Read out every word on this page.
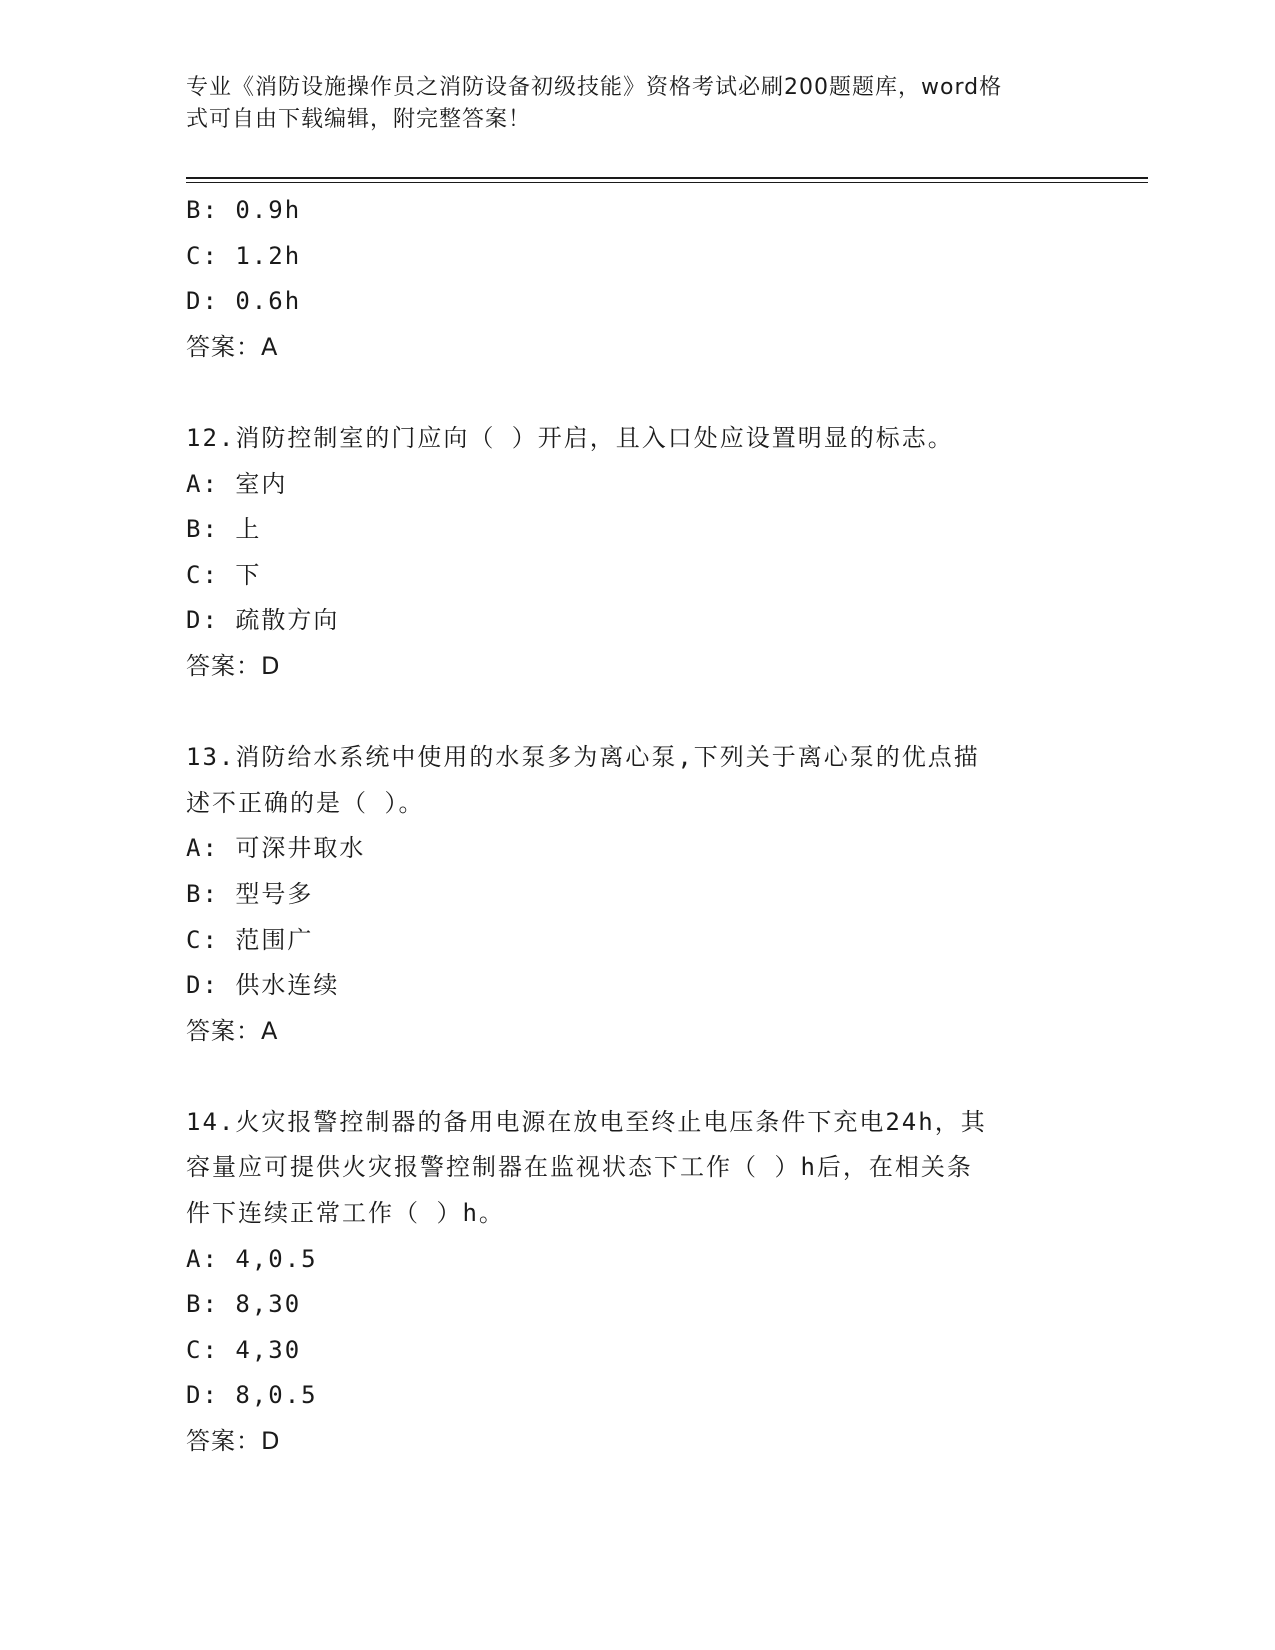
专业《消防设施操作员之消防设备初级技能》资格考试必刷200题题库，word格
式可自由下载编辑，附完整答案！
B: 0.9h
C: 1.2h
D: 0.6h
答案：A
12.消防控制室的门应向（ ）开启，且入口处应设置明显的标志。
A: 室内
B: 上
C: 下
D: 疏散方向
答案：D
13.消防给水系统中使用的水泵多为离心泵,下列关于离心泵的优点描
述不正确的是（ ）。
A: 可深井取水
B: 型号多
C: 范围广
D: 供水连续
答案：A
14.火灾报警控制器的备用电源在放电至终止电压条件下充电24h，其
容量应可提供火灾报警控制器在监视状态下工作（ ）h后，在相关条
件下连续正常工作（ ）h。
A: 4,0.5
B: 8,30
C: 4,30
D: 8,0.5
答案：D
